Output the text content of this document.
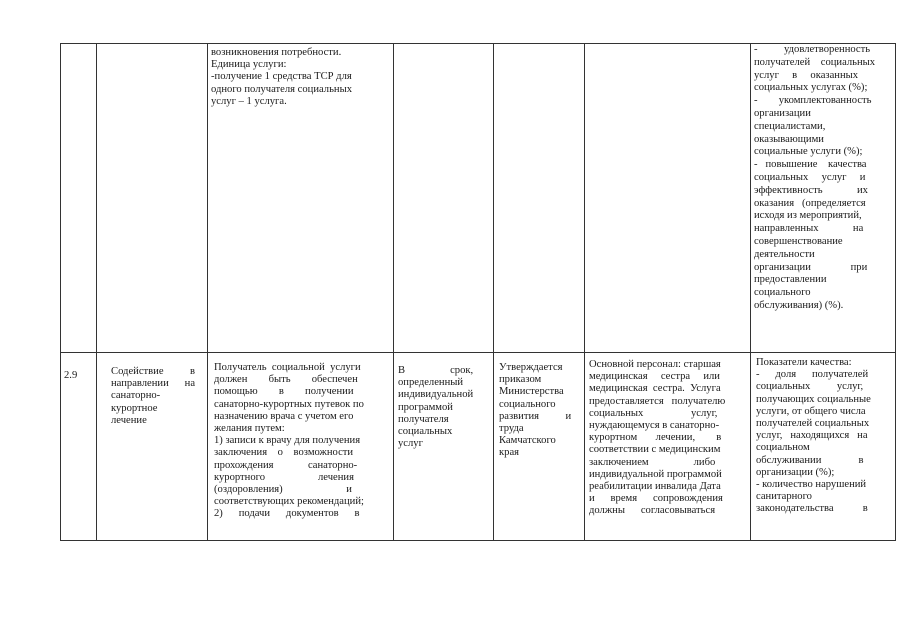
возникновения потребности.

Единица услуги:

-получение 1 средства ТСР для

одного получателя социальных

услуг – 1 услуга.

-          удовлетворенность

получателей    социальных

услуг     в     оказанных

социальных услугах (%);

-        укомплектованность

организации

специалистами,

оказывающими

социальные услуги (%);

-   повышение    качества

социальных     услуг     и

эффективность             их

оказания   (определяется

исходя из мероприятий,

направленных             на

совершенствование

деятельности

организации               при

предоставлении

социального

обслуживания) (%).

2.9	Содействие          в

направлении      на

санаторно-

курортное

лечение

Получатель  социальной  услуги

должен        быть        обеспечен

помощью        в        получении

санаторно-курортных путевок по

назначению врача с учетом его

желания путем:

1) записи к врачу для получения

заключения    о    возможности

прохождения             санаторно-

курортного                    лечения

(оздоровления)                        и

соответствующих рекомендаций;

2)      подачи      документов      в

В                 срок,

определенный

индивидуальной

программой

получателя

социальных

услуг

Утверждается

приказом

Министерства

социального

развития          и

труда

Камчатского

края

Основной персонал: старшая

медицинская     сестра     или

медицинская  сестра.  Услуга

предоставляется   получателю

социальных                  услуг,

нуждающемуся в санаторно-

курортном       лечении,        в

соответствии с медицинским

заключением                 либо

индивидуальной программой

реабилитации инвалида Дата

и      время      сопровождения

должны      согласовываться

Показатели качества:

-      доля      получателей

социальных          услуг,

получающих социальные

услуги, от общего числа

получателей социальных

услуг,   находящихся   на

социальном

обслуживании              в

организации (%);

- количество нарушений

санитарного

законодательства           в
